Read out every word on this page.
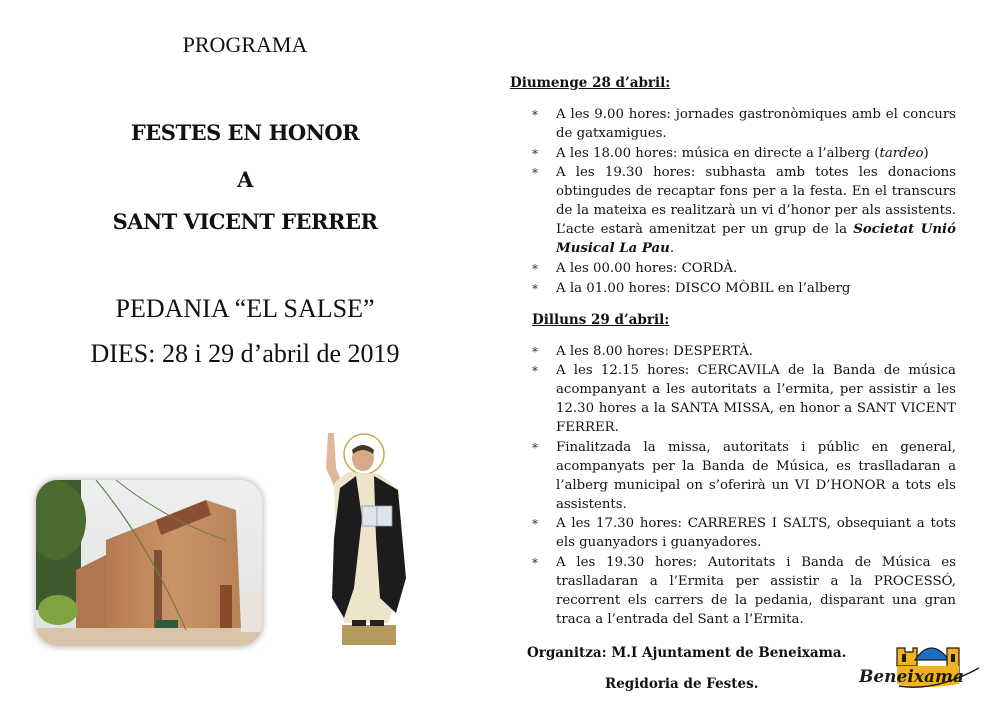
PROGRAMA
FESTES EN HONOR
A
SANT VICENT FERRER
PEDANIA “EL SALSE”
DIES: 28 i 29 d’abril de 2019
Diumenge 28 d’abril:
* A les 9.00 hores: jornades gastronòmiques amb el concurs
de gatxamigues.
* A les 18.00 hores: música en directe a l’alberg (tardeo)
* A les 19.30 hores: subhasta amb totes les donacions
obtingudes de recaptar fons per a la festa. En el transcurs
de la mateixa es realitzarà un vi d’honor per als assistents.
L’acte estarà amenitzat per un grup de la Societat Unió
Musical La Pau.
* A les 00.00 hores: CORDÀ.
* A la 01.00 hores: DISCO MÒBIL en l’alberg
Dilluns 29 d’abril:
* A les 8.00 hores: DESPERTÀ.
* A les 12.15 hores: CERCAVILA de la Banda de música
acompanyant a les autoritats a l’ermita, per assistir a les
12.30 hores a la SANTA MISSA, en honor a SANT VICENT
FERRER.
* Finalitzada la missa, autoritats i públic en general,
acompanyats per la Banda de Música, es traslladaran a
l’alberg municipal on s’oferirà un VI D’HONOR a tots els
assistents.
* A les 17.30 hores: CARRERES I SALTS, obsequiant a tots
els guanyadors i guanyadores.
* A les 19.30 hores: Autoritats i Banda de Música es
traslladaran a l’Ermita per assistir a la PROCESSÓ,
recorrent els carrers de la pedania, disparant una gran
traca a l’entrada del Sant a l’Ermita.
Organitza: M.I Ajuntament de Beneixama.
Regidoria de Festes.	Beneixama
